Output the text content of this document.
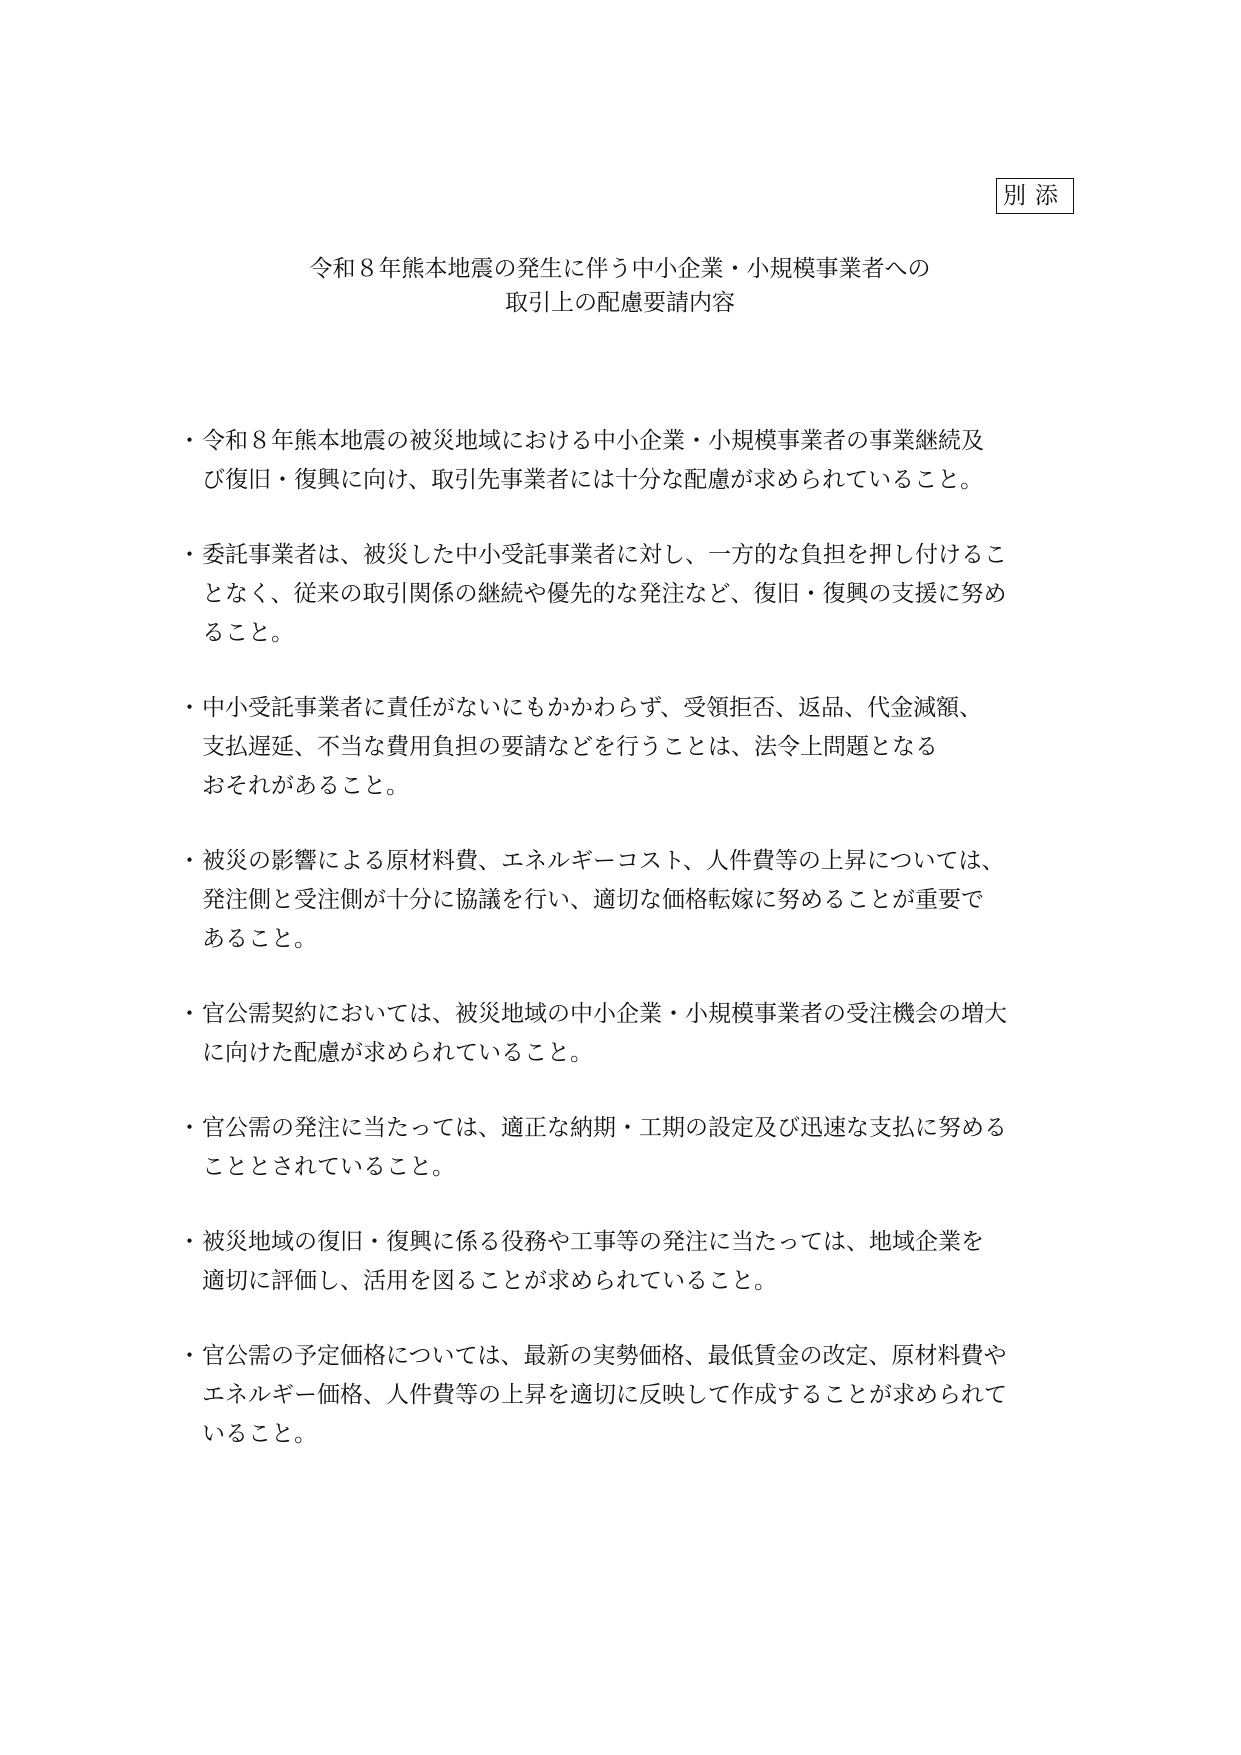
別添
令和８年熊本地震の発生に伴う中小企業・小規模事業者への
取引上の配慮要請内容
・ 令和８年熊本地震の被災地域における中小企業・小規模事業者の事業継続及
び復旧・復興に向け、取引先事業者には十分な配慮が求められていること。
・ 委託事業者は、被災した中小受託事業者に対し、一方的な負担を押し付けるこ
となく、従来の取引関係の継続や優先的な発注など、復旧・復興の支援に努め
ること。
・ 中小受託事業者に責任がないにもかかわらず、受領拒否、返品、代金減額、
支払遅延、不当な費用負担の要請などを行うことは、法令上問題となる
おそれがあること。
・ 被災の影響による原材料費、エネルギーコスト、人件費等の上昇については、
発注側と受注側が十分に協議を行い、適切な価格転嫁に努めることが重要で
あること。
・ 官公需契約においては、被災地域の中小企業・小規模事業者の受注機会の増大
に向けた配慮が求められていること。
・ 官公需の発注に当たっては、適正な納期・工期の設定及び迅速な支払に努める
こととされていること。
・ 被災地域の復旧・復興に係る役務や工事等の発注に当たっては、地域企業を
適切に評価し、活用を図ることが求められていること。
・ 官公需の予定価格については、最新の実勢価格、最低賃金の改定、原材料費や
エネルギー価格、人件費等の上昇を適切に反映して作成することが求められて
いること。
